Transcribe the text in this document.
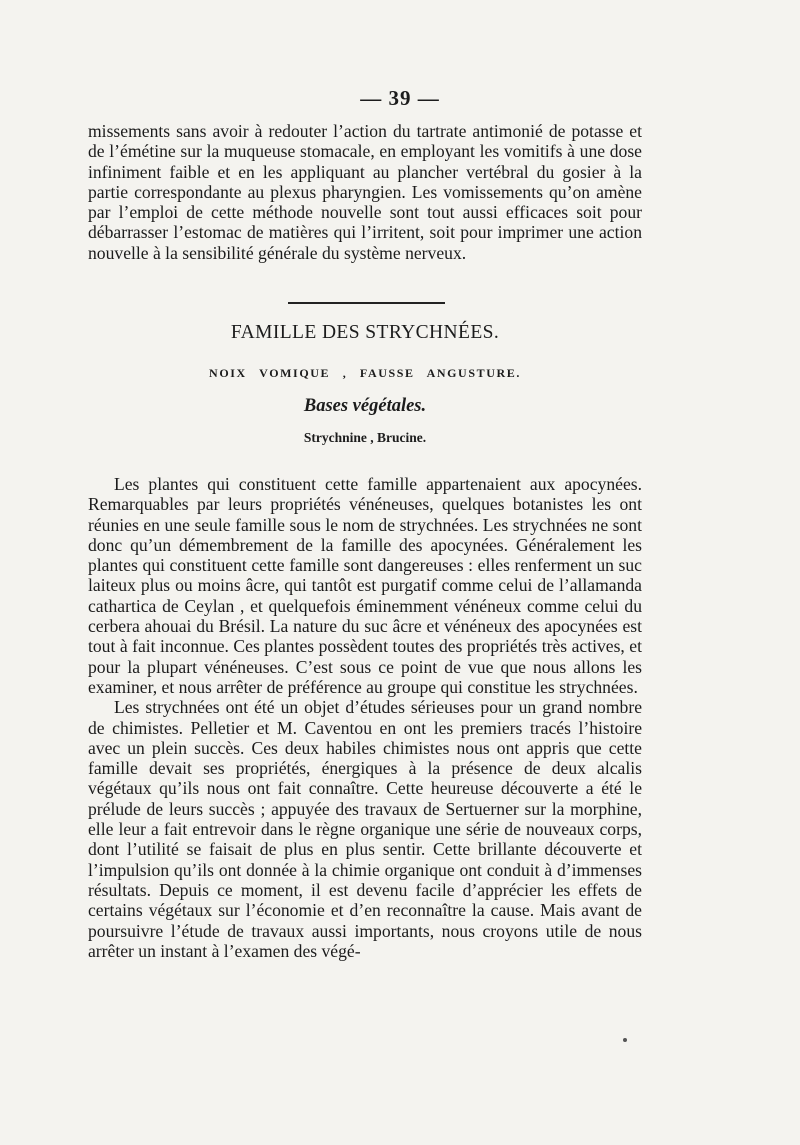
— 39 —

missements sans avoir à redouter l’action du tartrate antimonié de potasse et de l’émétine sur la muqueuse stomacale, en employant les vomitifs à une dose infiniment faible et en les appliquant au plancher vertébral du gosier à la partie correspondante au plexus pharyngien. Les vomissements qu’on amène par l’emploi de cette méthode nouvelle sont tout aussi efficaces soit pour débarrasser l’estomac de matières qui l’irritent, soit pour imprimer une action nouvelle à la sensibilité générale du système nerveux.

FAMILLE DES STRYCHNÉES.
NOIX VOMIQUE , FAUSSE ANGUSTURE.
Bases végétales.
Strychnine , Brucine.

Les plantes qui constituent cette famille appartenaient aux apocynées. Remarquables par leurs propriétés vénéneuses, quelques botanistes les ont réunies en une seule famille sous le nom de strychnées. Les strychnées ne sont donc qu’un démembrement de la famille des apocynées. Généralement les plantes qui constituent cette famille sont dangereuses : elles renferment un suc laiteux plus ou moins âcre, qui tantôt est purgatif comme celui de l’allamanda cathartica de Ceylan , et quelquefois éminemment vénéneux comme celui du cerbera ahouai du Brésil. La nature du suc âcre et vénéneux des apocynées est tout à fait inconnue. Ces plantes possèdent toutes des propriétés très actives, et pour la plupart vénéneuses. C’est sous ce point de vue que nous allons les examiner, et nous arrêter de préférence au groupe qui constitue les strychnées.

Les strychnées ont été un objet d’études sérieuses pour un grand nombre de chimistes. Pelletier et M. Caventou en ont les premiers tracés l’histoire avec un plein succès. Ces deux habiles chimistes nous ont appris que cette famille devait ses propriétés, énergiques à la présence de deux alcalis végétaux qu’ils nous ont fait connaître. Cette heureuse découverte a été le prélude de leurs succès ; appuyée des travaux de Sertuerner sur la morphine, elle leur a fait entrevoir dans le règne organique une série de nouveaux corps, dont l’utilité se faisait de plus en plus sentir. Cette brillante découverte et l’impulsion qu’ils ont donnée à la chimie organique ont conduit à d’immenses résultats. Depuis ce moment, il est devenu facile d’apprécier les effets de certains végétaux sur l’économie et d’en reconnaître la cause. Mais avant de poursuivre l’étude de travaux aussi importants, nous croyons utile de nous arrêter un instant à l’examen des végé-
